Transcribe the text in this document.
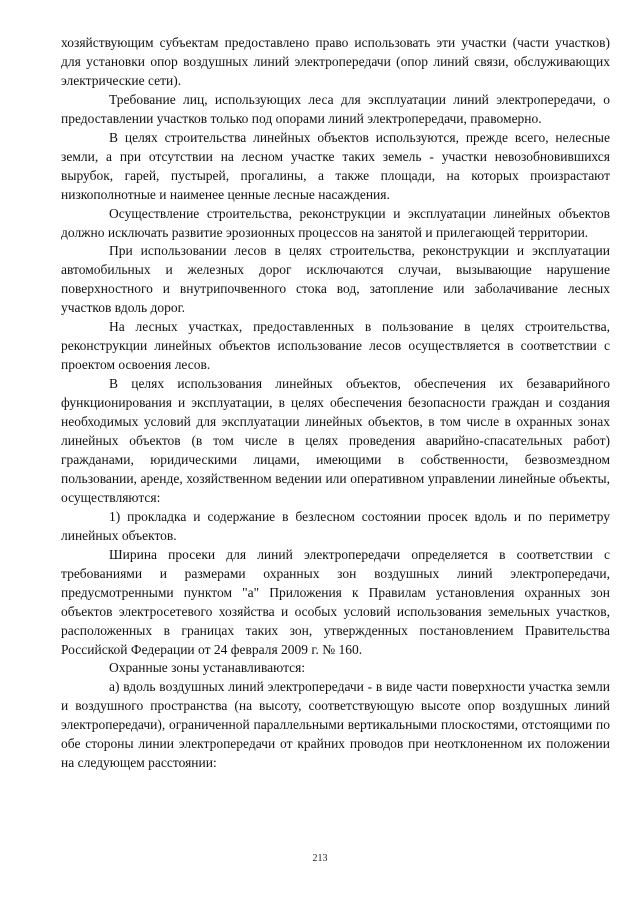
хозяйствующим субъектам предоставлено право использовать эти участки (части участков) для установки опор воздушных линий электропередачи (опор линий связи, обслуживающих электрические сети).

Требование лиц, использующих леса для эксплуатации линий электропередачи, о предоставлении участков только под опорами линий электропередачи, правомерно.

В целях строительства линейных объектов используются, прежде всего, нелесные земли, а при отсутствии на лесном участке таких земель - участки невозобновившихся вырубок, гарей, пустырей, прогалины, а также площади, на которых произрастают низкополнотные и наименее ценные лесные насаждения.

Осуществление строительства, реконструкции и эксплуатации линейных объектов должно исключать развитие эрозионных процессов на занятой и прилегающей территории.

При использовании лесов в целях строительства, реконструкции и эксплуатации автомобильных и железных дорог исключаются случаи, вызывающие нарушение поверхностного и внутрипочвенного стока вод, затопление или заболачивание лесных участков вдоль дорог.

На лесных участках, предоставленных в пользование в целях строительства, реконструкции линейных объектов использование лесов осуществляется в соответствии с проектом освоения лесов.

В целях использования линейных объектов, обеспечения их безаварийного функционирования и эксплуатации, в целях обеспечения безопасности граждан и создания необходимых условий для эксплуатации линейных объектов, в том числе в охранных зонах линейных объектов (в том числе в целях проведения аварийно-спасательных работ) гражданами, юридическими лицами, имеющими в собственности, безвозмездном пользовании, аренде, хозяйственном ведении или оперативном управлении линейные объекты, осуществляются:

1) прокладка и содержание в безлесном состоянии просек вдоль и по периметру линейных объектов.

Ширина просеки для линий электропередачи определяется в соответствии с требованиями и размерами охранных зон воздушных линий электропередачи, предусмотренными пунктом "а" Приложения к Правилам установления охранных зон объектов электросетевого хозяйства и особых условий использования земельных участков, расположенных в границах таких зон, утвержденных постановлением Правительства Российской Федерации от 24 февраля 2009 г. № 160.

Охранные зоны устанавливаются:

а) вдоль воздушных линий электропередачи - в виде части поверхности участка земли и воздушного пространства (на высоту, соответствующую высоте опор воздушных линий электропередачи), ограниченной параллельными вертикальными плоскостями, отстоящими по обе стороны линии электропередачи от крайних проводов при неотклоненном их положении на следующем расстоянии:

213
